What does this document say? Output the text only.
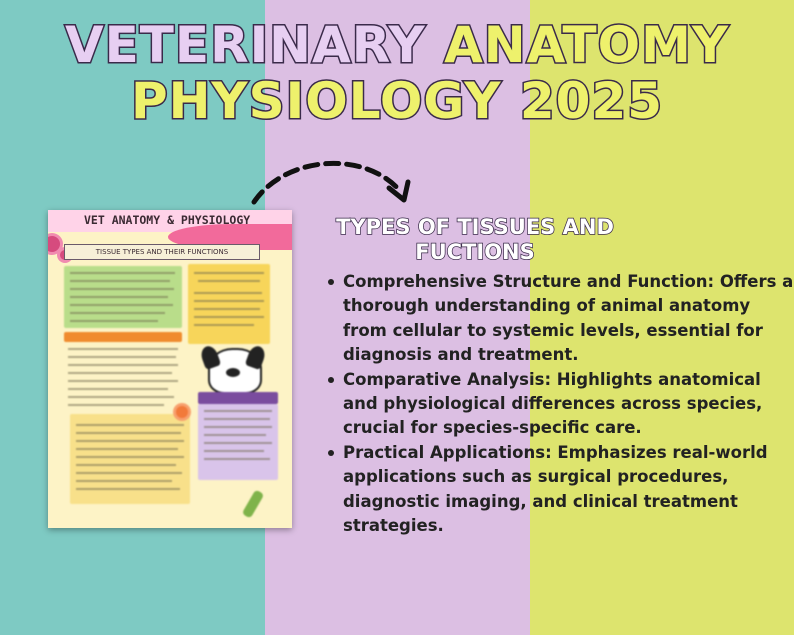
VETERINARY ANATOMY
PHYSIOLOGY 2025
VET ANATOMY & PHYSIOLOGY
TISSUE TYPES AND THEIR FUNCTIONS
TYPES OF TISSUES AND
FUCTIONS
Comprehensive Structure and Function: Offers a thorough understanding of animal anatomy from cellular to systemic levels, essential for diagnosis and treatment.
Comparative Analysis: Highlights anatomical and physiological differences across species, crucial for species-specific care.
Practical Applications: Emphasizes real-world applications such as surgical procedures, diagnostic imaging, and clinical treatment strategies.
